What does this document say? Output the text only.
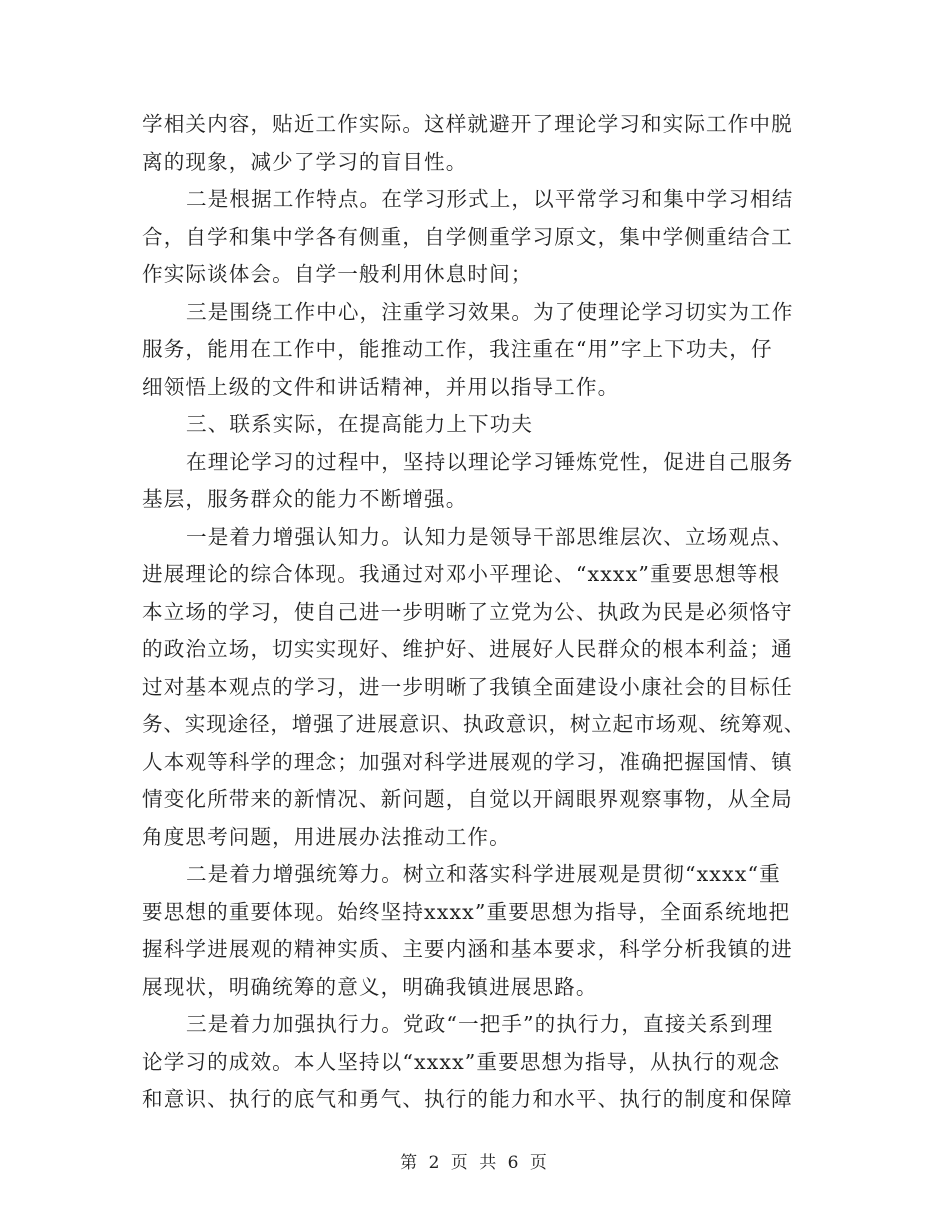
学相关内容，贴近工作实际。这样就避开了理论学习和实际工作中脱
离的现象，减少了学习的盲目性。
二是根据工作特点。在学习形式上，以平常学习和集中学习相结
合，自学和集中学各有侧重，自学侧重学习原文，集中学侧重结合工
作实际谈体会。自学一般利用休息时间；
三是围绕工作中心，注重学习效果。为了使理论学习切实为工作
服务，能用在工作中，能推动工作，我注重在“用”字上下功夫，仔
细领悟上级的文件和讲话精神，并用以指导工作。
三、联系实际，在提高能力上下功夫
在理论学习的过程中，坚持以理论学习锤炼党性，促进自己服务
基层，服务群众的能力不断增强。
一是着力增强认知力。认知力是领导干部思维层次、立场观点、
进展理论的综合体现。我通过对邓小平理论、“xxxx”重要思想等根
本立场的学习，使自己进一步明晰了立党为公、执政为民是必须恪守
的政治立场，切实实现好、维护好、进展好人民群众的根本利益；通
过对基本观点的学习，进一步明晰了我镇全面建设小康社会的目标任
务、实现途径，增强了进展意识、执政意识，树立起市场观、统筹观、
人本观等科学的理念；加强对科学进展观的学习，准确把握国情、镇
情变化所带来的新情况、新问题，自觉以开阔眼界观察事物，从全局
角度思考问题，用进展办法推动工作。
二是着力增强统筹力。树立和落实科学进展观是贯彻“xxxx“重
要思想的重要体现。始终坚持xxxx”重要思想为指导，全面系统地把
握科学进展观的精神实质、主要内涵和基本要求，科学分析我镇的进
展现状，明确统筹的意义，明确我镇进展思路。
三是着力加强执行力。党政“一把手”的执行力，直接关系到理
论学习的成效。本人坚持以“xxxx”重要思想为指导，从执行的观念
和意识、执行的底气和勇气、执行的能力和水平、执行的制度和保障
第 2 页 共 6 页
